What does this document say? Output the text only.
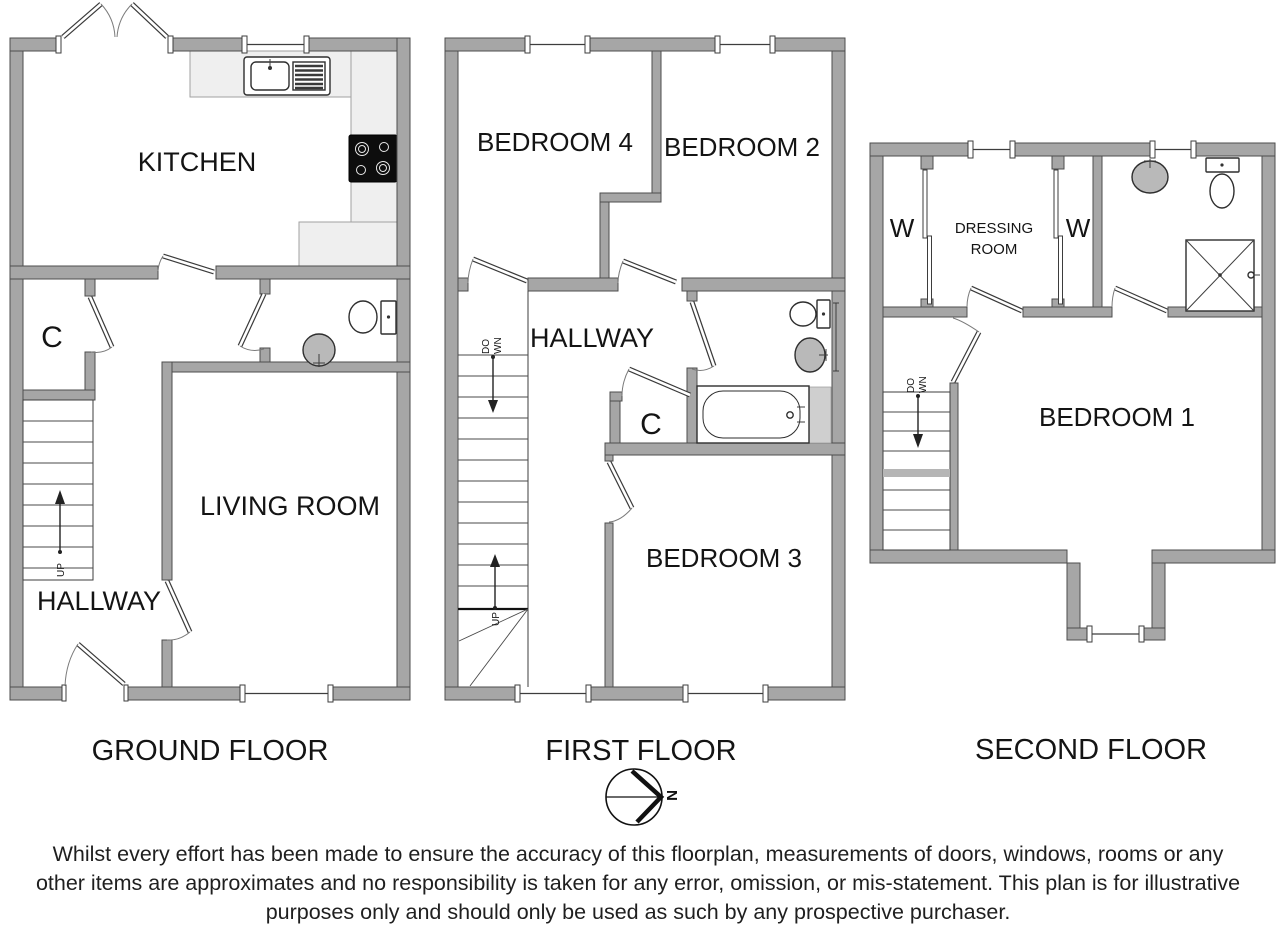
UP
KITCHEN
C
LIVING ROOM
HALLWAY
GROUND FLOOR
DO WN
UP
BEDROOM 4 BEDROOM 2
HALLWAY
C
BEDROOM 3
FIRST FLOOR
DO WN
W	DRESSING
ROOM
W
BEDROOM 1
SECOND FLOOR
N
Whilst every effort has been made to ensure the accuracy of this floorplan, measurements of doors, windows, rooms or any
other items are approximates and no responsibility is taken for any error, omission, or mis-statement. This plan is for illustrative
purposes only and should only be used as such by any prospective purchaser.
